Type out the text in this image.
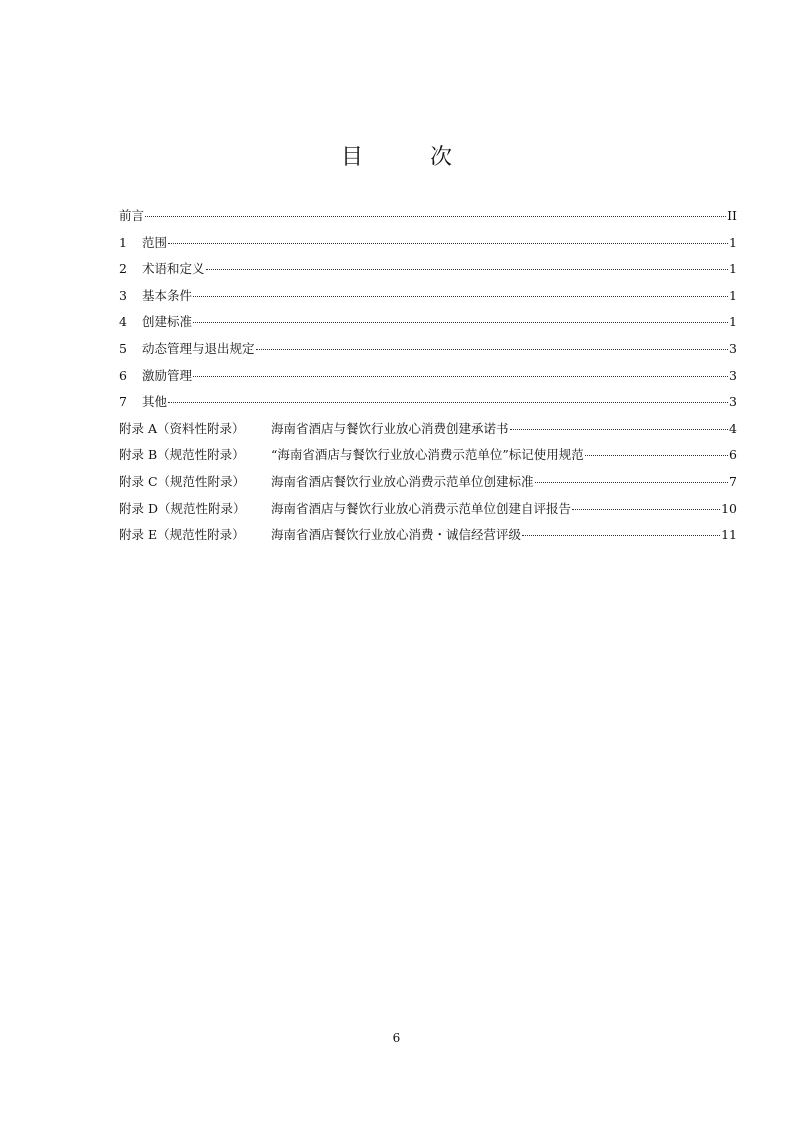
目 次
前言	II
1 范围	1
2 术语和定义	1
3 基本条件	1
4 创建标准	1
5 动态管理与退出规定	3
6 激励管理	3
7 其他	3
附录 A（资料性附录） 海南省酒店与餐饮行业放心消费创建承诺书	4
附录 B（规范性附录） “海南省酒店与餐饮行业放心消费示范单位”标记使用规范	6
附录 C（规范性附录） 海南省酒店餐饮行业放心消费示范单位创建标准	7
附录 D（规范性附录） 海南省酒店与餐饮行业放心消费示范单位创建自评报告	10
附录 E（规范性附录） 海南省酒店餐饮行业放心消费・诚信经营评级	11
6
